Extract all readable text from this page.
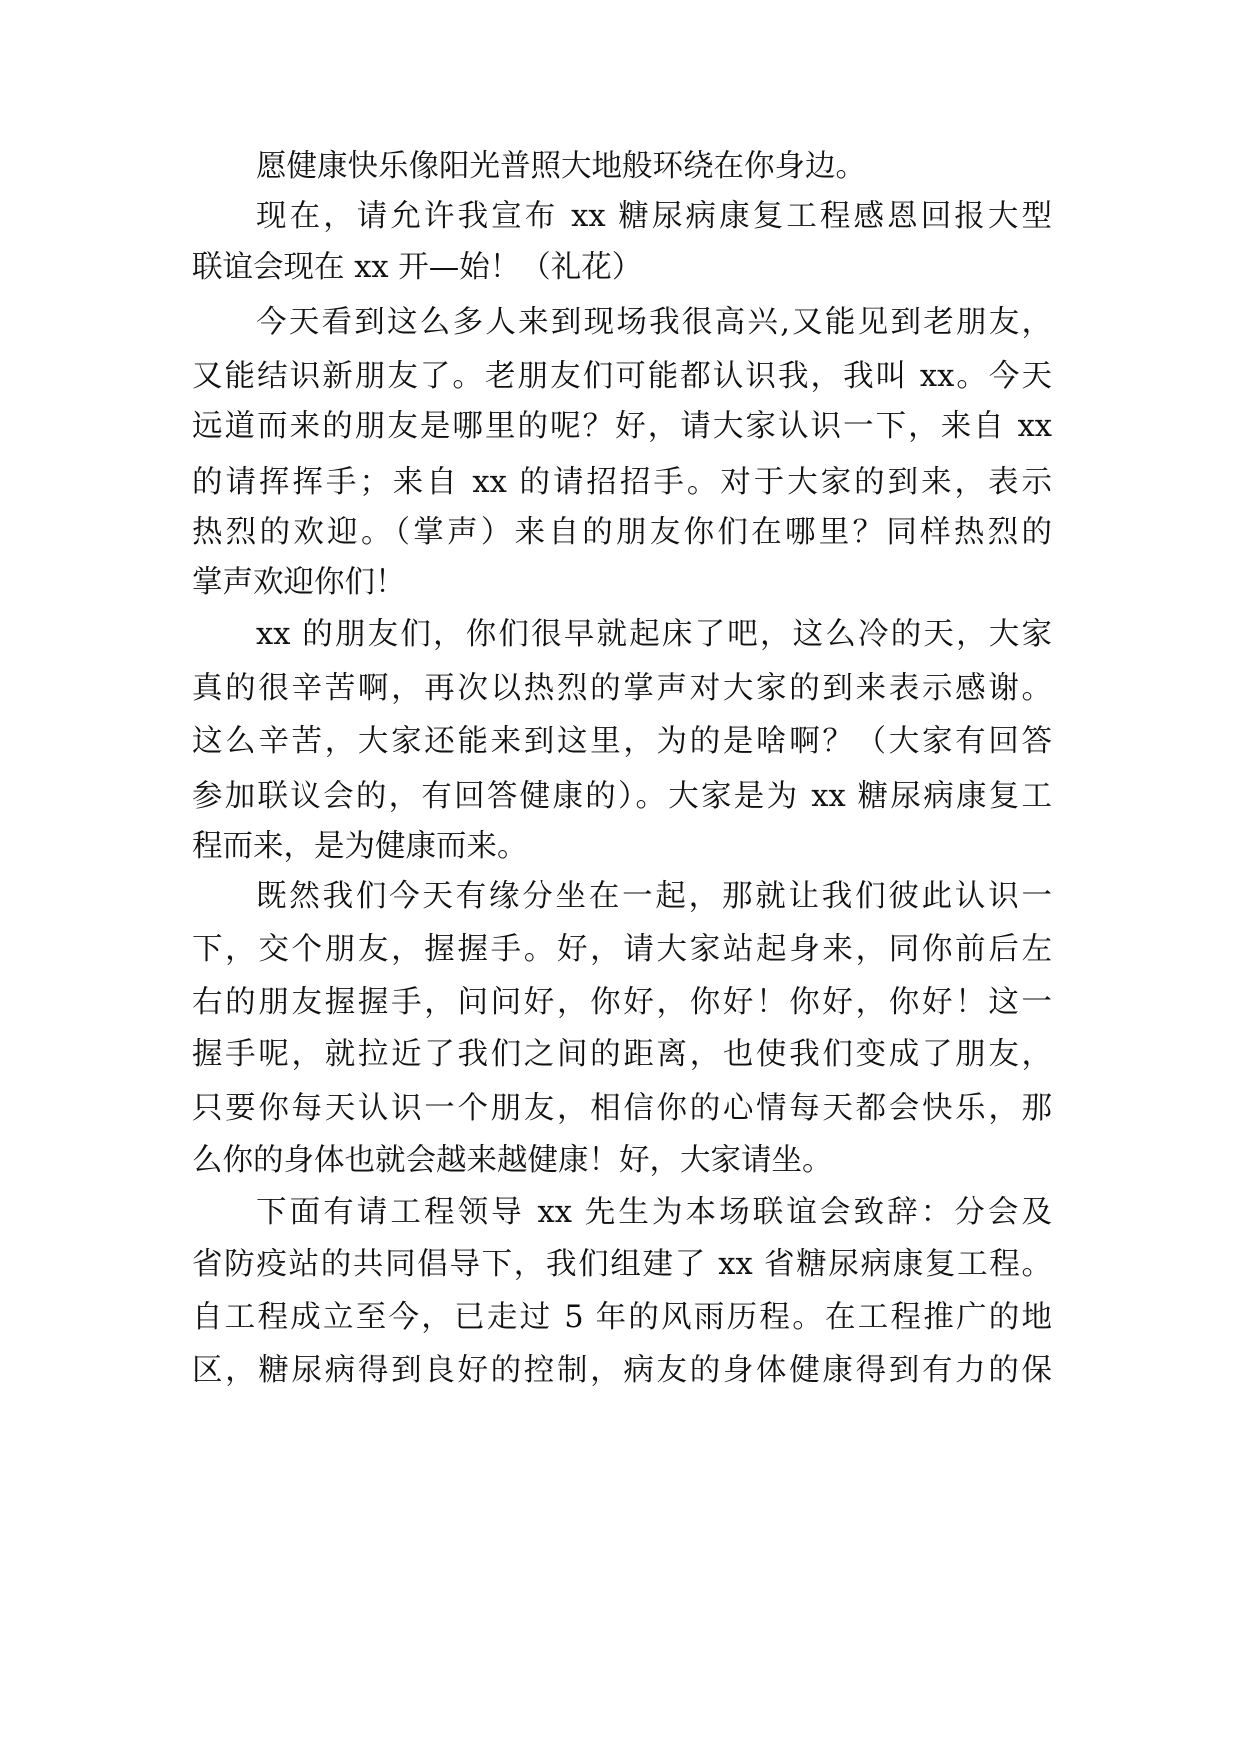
愿健康快乐像阳光普照大地般环绕在你身边。
现在，请允许我宣布 xx 糖尿病康复工程感恩回报大型
联谊会现在 xx 开—始！（礼花）
今天看到这么多人来到现场我很高兴,又能见到老朋友，
又能结识新朋友了。老朋友们可能都认识我，我叫 xx。今天
远道而来的朋友是哪里的呢？好，请大家认识一下，来自 xx
的请挥挥手；来自 xx 的请招招手。对于大家的到来，表示
热烈的欢迎。（掌声）来自的朋友你们在哪里？同样热烈的
掌声欢迎你们！
xx 的朋友们，你们很早就起床了吧，这么冷的天，大家
真的很辛苦啊，再次以热烈的掌声对大家的到来表示感谢。
这么辛苦，大家还能来到这里，为的是啥啊？（大家有回答
参加联议会的，有回答健康的）。大家是为 xx 糖尿病康复工
程而来，是为健康而来。
既然我们今天有缘分坐在一起，那就让我们彼此认识一
下，交个朋友，握握手。好，请大家站起身来，同你前后左
右的朋友握握手，问问好，你好，你好！你好，你好！这一
握手呢，就拉近了我们之间的距离，也使我们变成了朋友，
只要你每天认识一个朋友，相信你的心情每天都会快乐，那
么你的身体也就会越来越健康！好，大家请坐。
下面有请工程领导 xx 先生为本场联谊会致辞：分会及
省防疫站的共同倡导下，我们组建了 xx 省糖尿病康复工程。
自工程成立至今，已走过 5 年的风雨历程。在工程推广的地
区，糖尿病得到良好的控制，病友的身体健康得到有力的保
